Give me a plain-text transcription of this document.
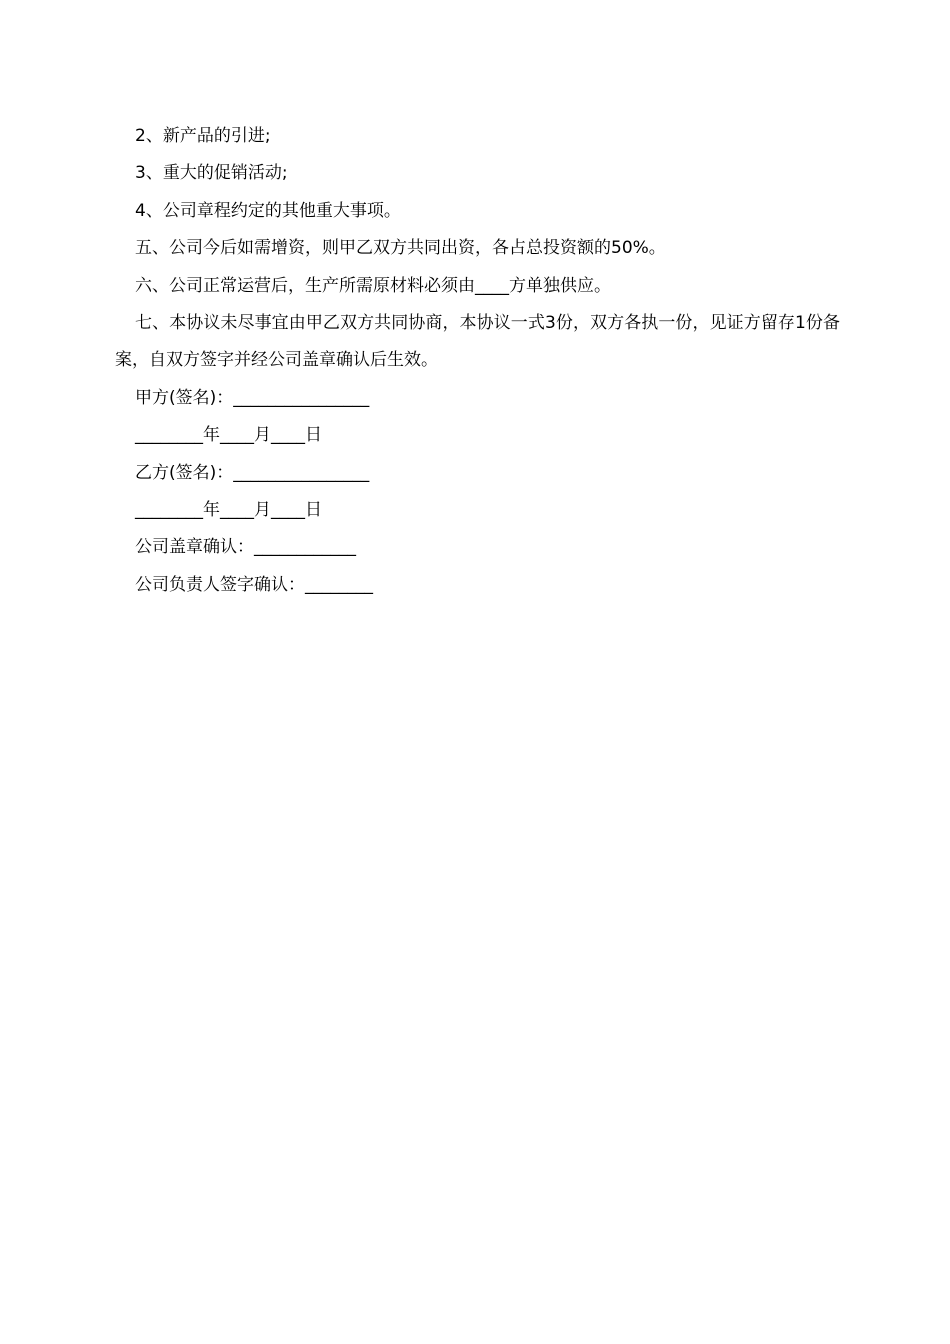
2、新产品的引进;
3、重大的促销活动;
4、公司章程约定的其他重大事项。
五、公司今后如需增资，则甲乙双方共同出资，各占总投资额的50%。
六、公司正常运营后，生产所需原材料必须由____方单独供应。
七、本协议未尽事宜由甲乙双方共同协商，本协议一式3份，双方各执一份，见证方留存1份备案，自双方签字并经公司盖章确认后生效。
甲方(签名)：________________
________年____月____日
乙方(签名)：________________
________年____月____日
公司盖章确认：____________
公司负责人签字确认：________
